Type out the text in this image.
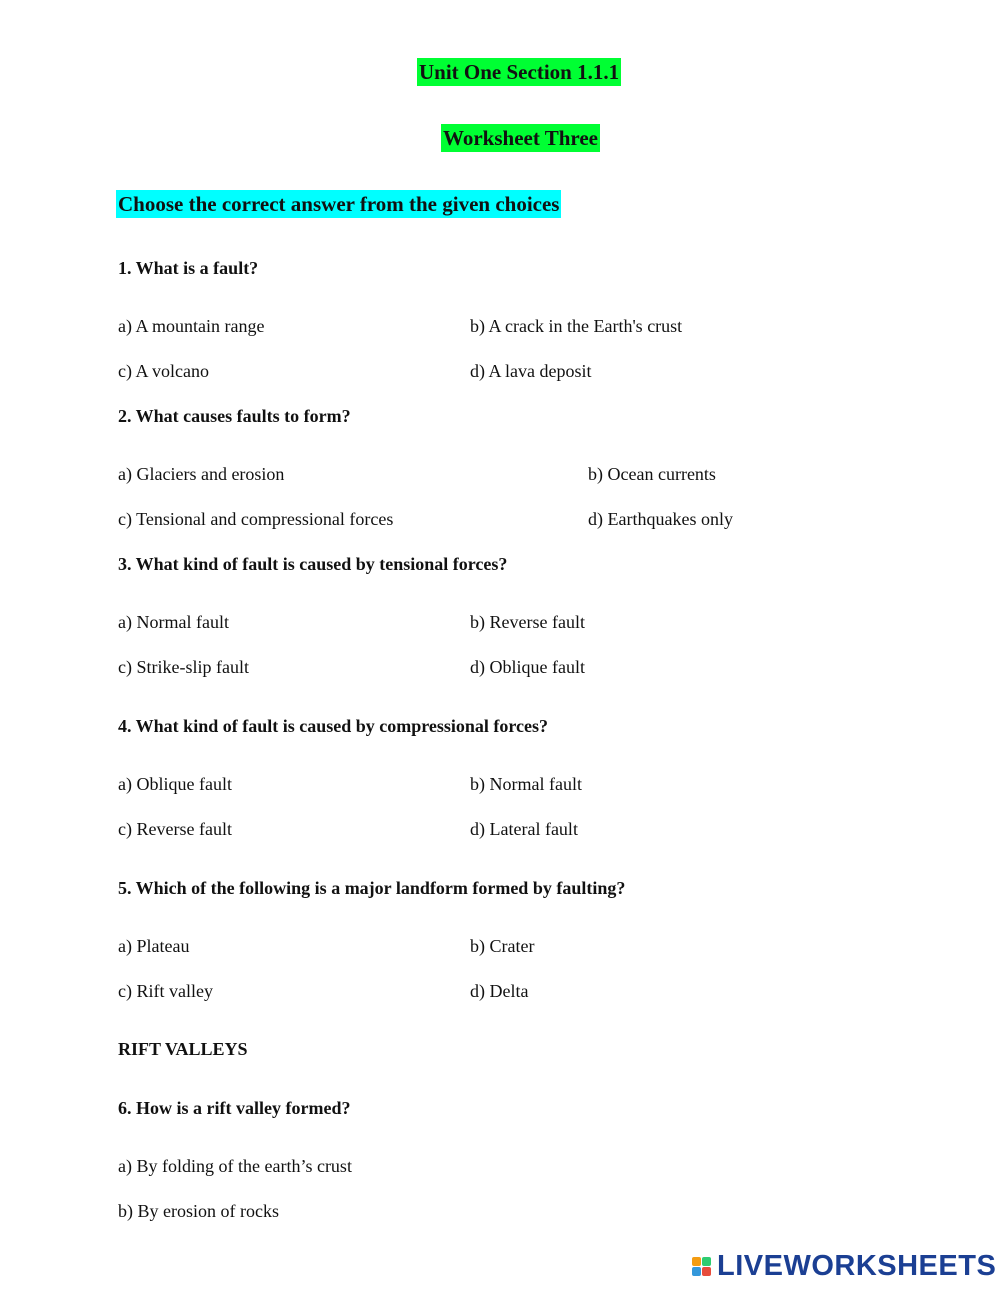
Unit One Section 1.1.1
Worksheet Three
Choose the correct answer from the given choices
1. What is a fault?
a) A mountain range	b) A crack in the Earth's crust
c) A volcano	d) A lava deposit
2. What causes faults to form?
a) Glaciers and erosion	b) Ocean currents
c) Tensional and compressional forces	d) Earthquakes only
3. What kind of fault is caused by tensional forces?
a) Normal fault	b) Reverse fault
c) Strike-slip fault	d) Oblique fault
4. What kind of fault is caused by compressional forces?
a) Oblique fault	b) Normal fault
c) Reverse fault	d) Lateral fault
5. Which of the following is a major landform formed by faulting?
a) Plateau	b) Crater
c) Rift valley	d) Delta
RIFT VALLEYS
6. How is a rift valley formed?
a) By folding of the earth’s crust
b) By erosion of rocks
LIVEWORKSHEETS
